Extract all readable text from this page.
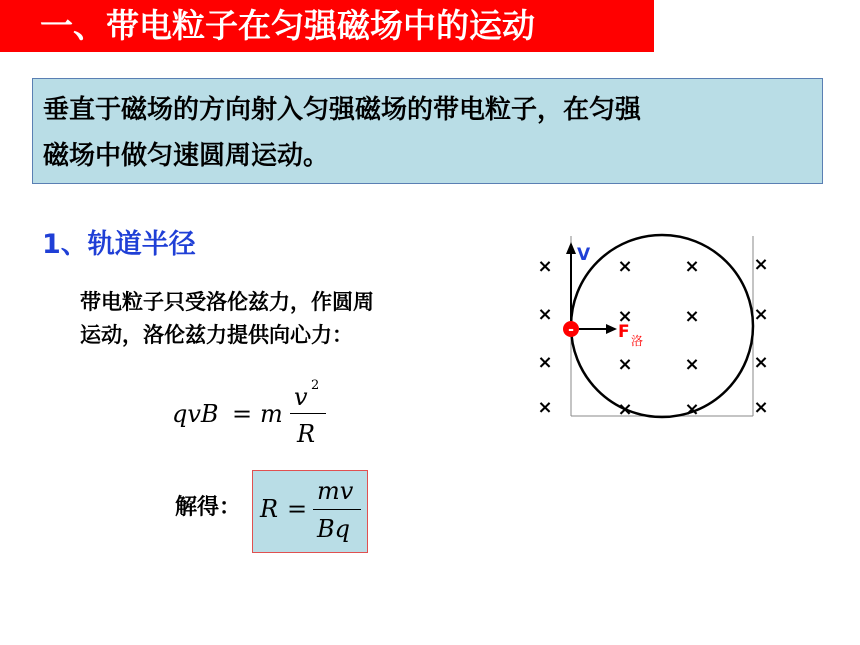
一、带电粒子在匀强磁场中的运动
垂直于磁场的方向射入匀强磁场的带电粒子，在匀强
磁场中做匀速圆周运动。
1、轨道半径
带电粒子只受洛伦兹力，作圆周
运动，洛伦兹力提供向心力：
qvB = m
v 2
R
解得： R =
mv
Bq
×	×	×	×
×	×	×	×
×	×	×	×
×	×	×	×
V
-	F 洛
